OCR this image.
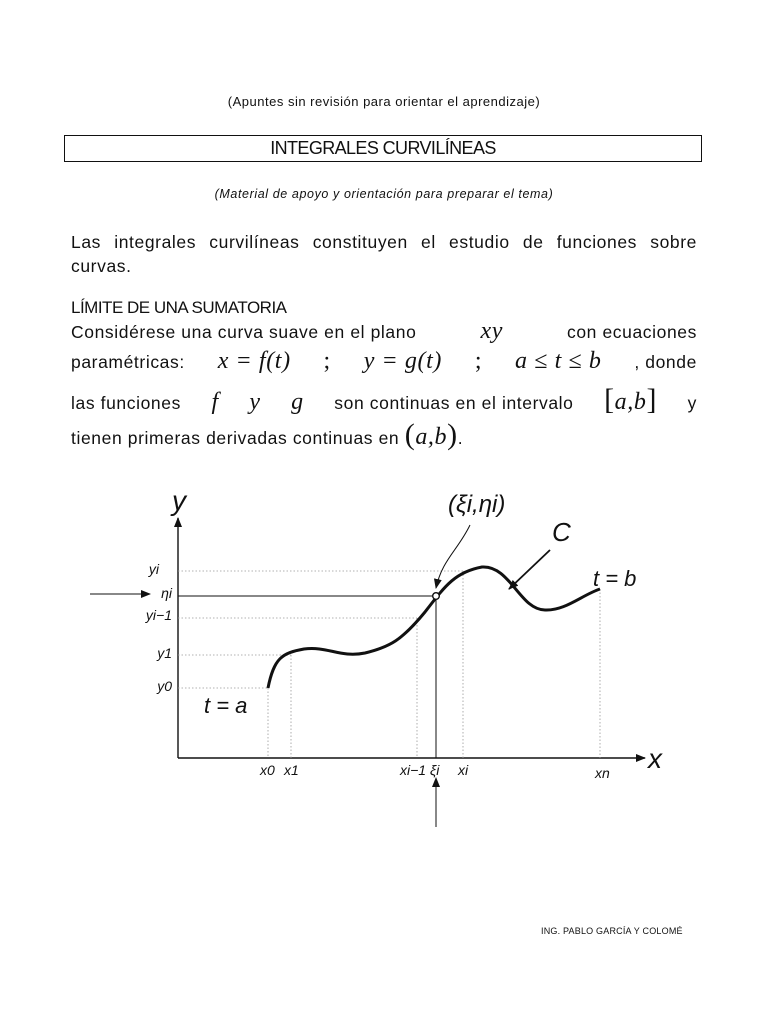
(Apuntes sin revisión para orientar el aprendizaje)
INTEGRALES CURVILÍNEAS
(Material de apoyo y orientación para preparar el tema)
Las integrales curvilíneas constituyen el estudio de funciones sobre curvas.
LÍMITE DE UNA SUMATORIA
Considérese una curva suave en el plano	xy	con ecuaciones
paramétricas: x = f(t) ; y = g(t) ; a ≤ t ≤ b , donde
las funciones f y g son continuas en el intervalo [a,b] y
tienen primeras derivadas continuas en (a,b).
y
x
(ξi,ηi)
C
t = b
t = a
yi
ηi
yi−1
y1
y0
x0 x1	xi−1 ξi xi	xn
ING. PABLO GARCÍA Y COLOMÉ
